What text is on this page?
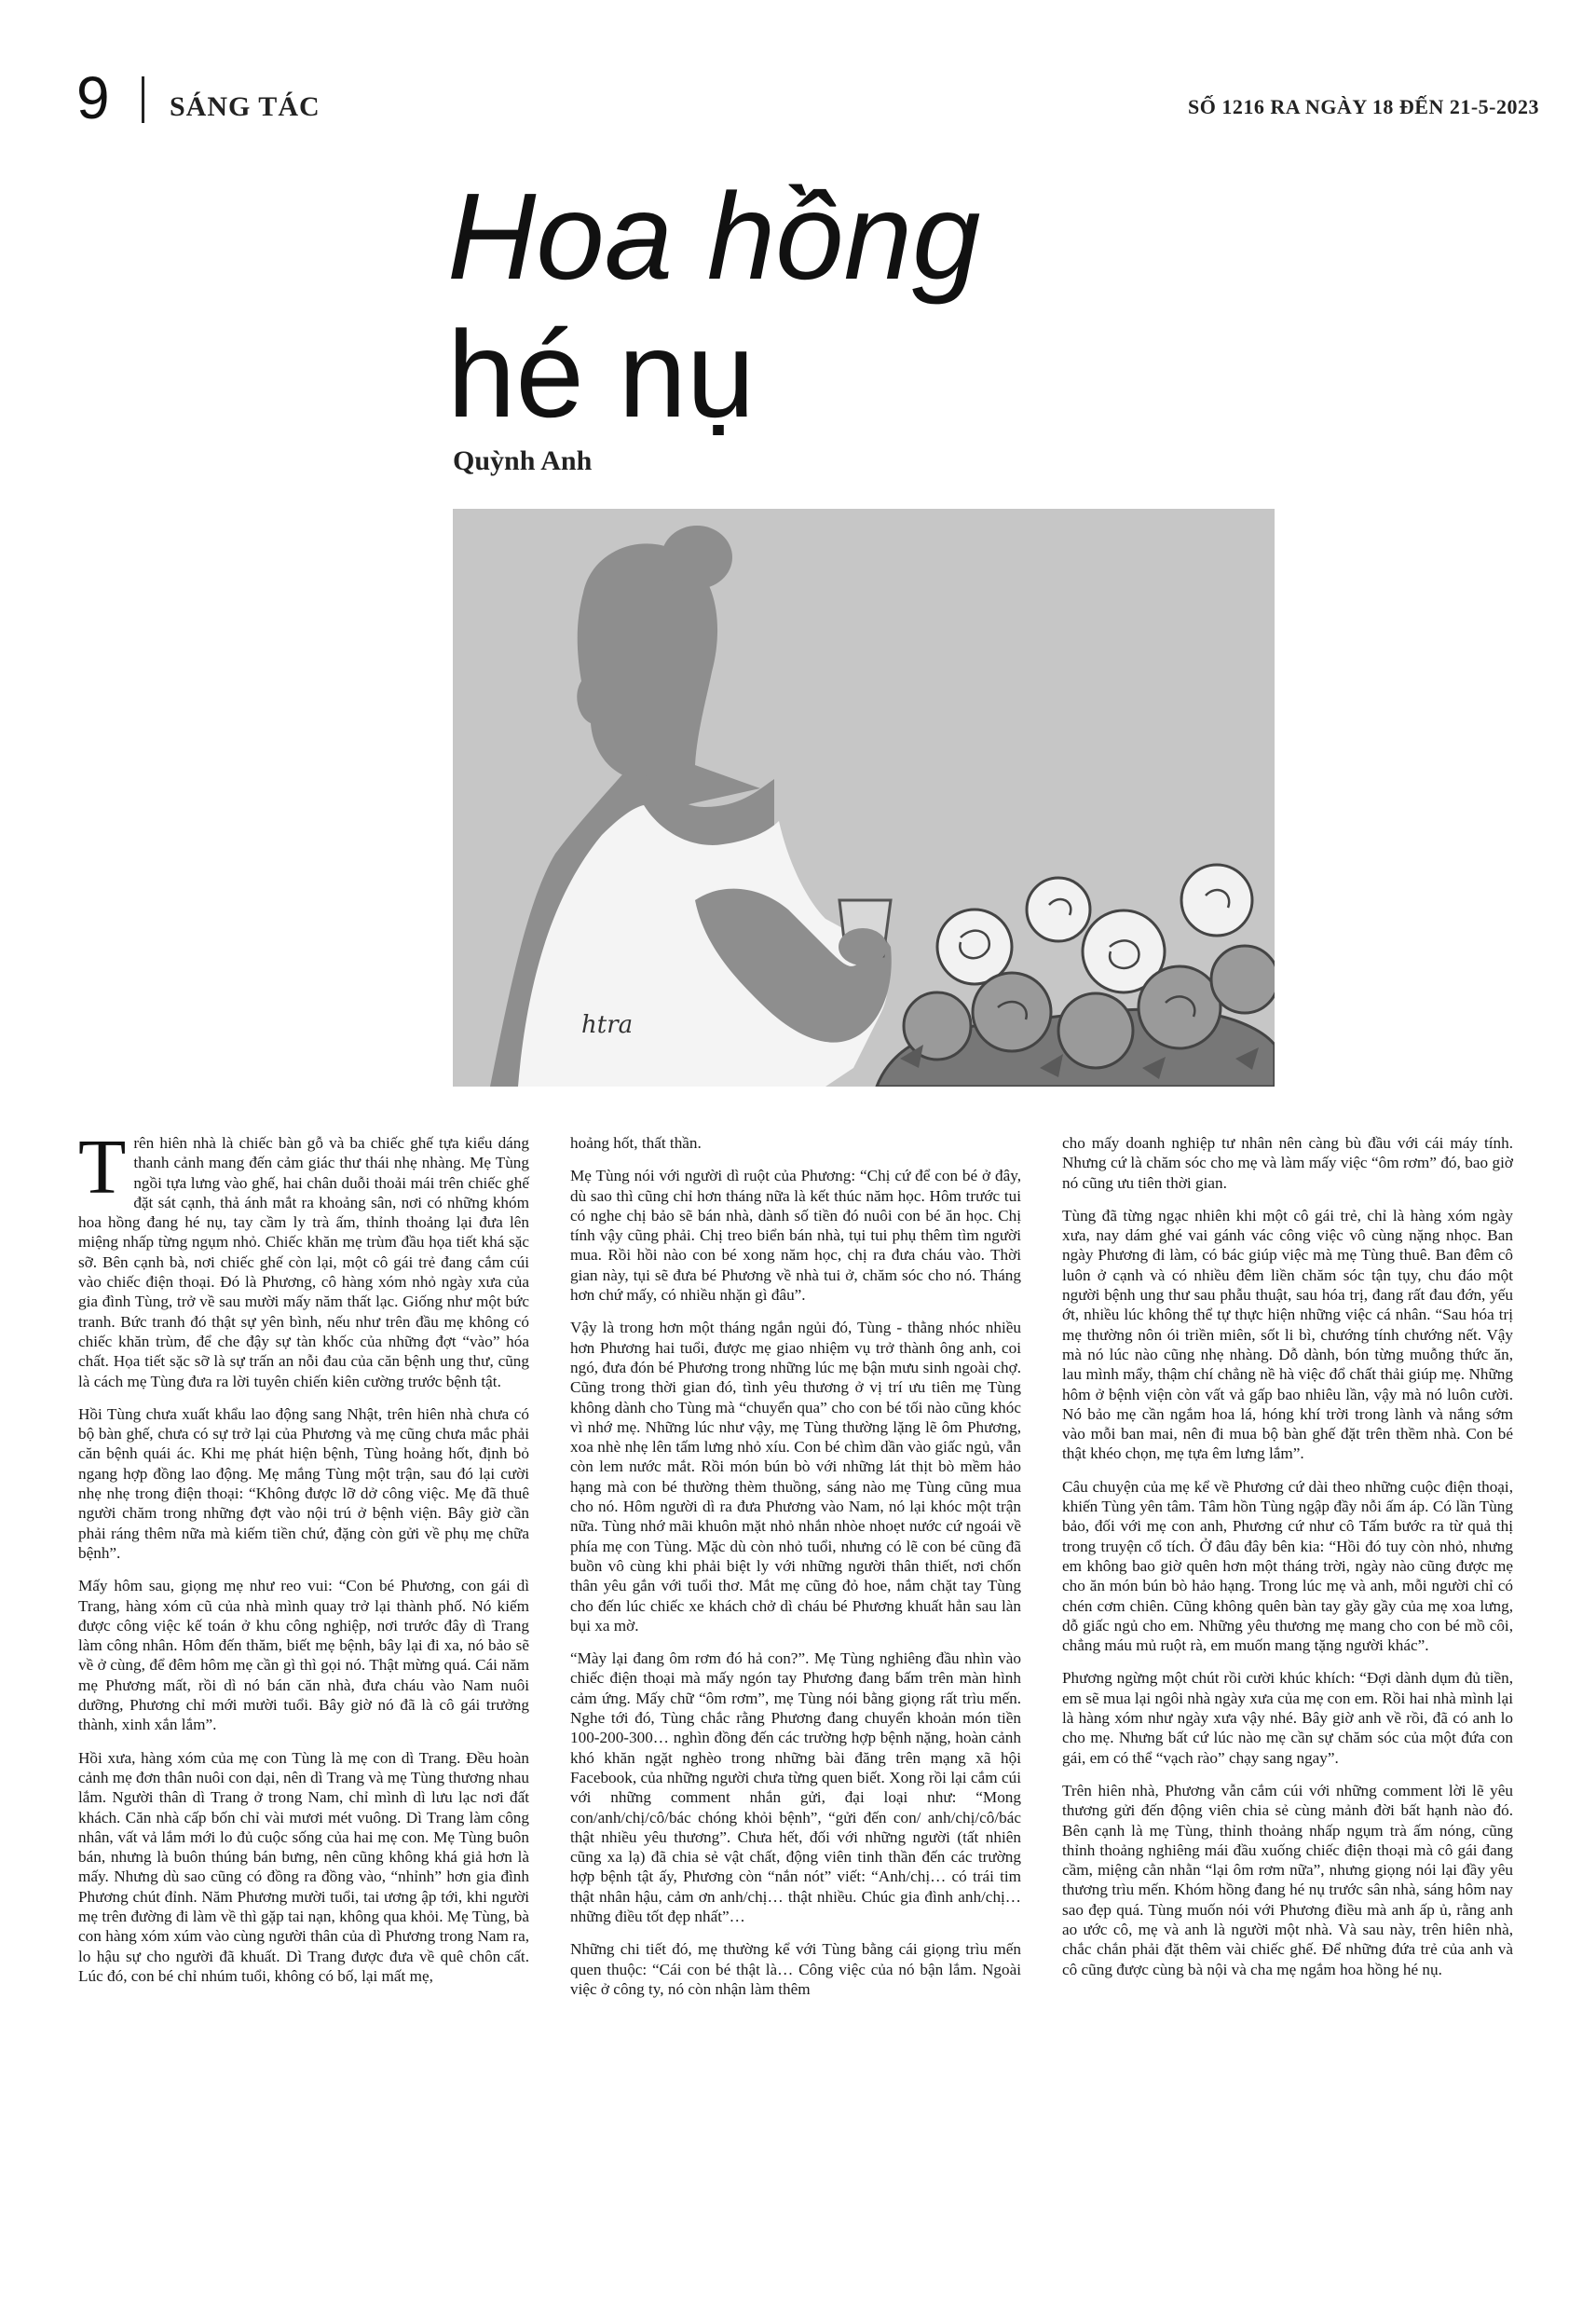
9 SÁNG TÁC	SỐ 1216 RA NGÀY 18 ĐẾN 21-5-2023
Hoa hồng
hé nụ
Quỳnh Anh
htra

Trên hiên nhà là chiếc bàn gỗ và ba chiếc ghế tựa kiểu dáng thanh cảnh mang đến cảm giác thư thái nhẹ nhàng. Mẹ Tùng ngồi tựa lưng vào ghế, hai chân duỗi thoải mái trên chiếc ghế đặt sát cạnh, thả ánh mắt ra khoảng sân, nơi có những khóm hoa hồng đang hé nụ, tay cầm ly trà ấm, thỉnh thoảng lại đưa lên miệng nhấp từng ngụm nhỏ. Chiếc khăn mẹ trùm đầu họa tiết khá sặc sỡ. Bên cạnh bà, nơi chiếc ghế còn lại, một cô gái trẻ đang cắm cúi vào chiếc điện thoại. Đó là Phương, cô hàng xóm nhỏ ngày xưa của gia đình Tùng, trở về sau mười mấy năm thất lạc. Giống như một bức tranh. Bức tranh đó thật sự yên bình, nếu như trên đầu mẹ không có chiếc khăn trùm, để che đậy sự tàn khốc của những đợt “vào” hóa chất. Họa tiết sặc sỡ là sự trấn an nỗi đau của căn bệnh ung thư, cũng là cách mẹ Tùng đưa ra lời tuyên chiến kiên cường trước bệnh tật.

Hồi Tùng chưa xuất khẩu lao động sang Nhật, trên hiên nhà chưa có bộ bàn ghế, chưa có sự trở lại của Phương và mẹ cũng chưa mắc phải căn bệnh quái ác. Khi mẹ phát hiện bệnh, Tùng hoảng hốt, định bỏ ngang hợp đồng lao động. Mẹ mắng Tùng một trận, sau đó lại cười nhẹ nhẹ trong điện thoại: “Không được lỡ dở công việc. Mẹ đã thuê người chăm trong những đợt vào nội trú ở bệnh viện. Bây giờ cần phải ráng thêm nữa mà kiếm tiền chứ, đặng còn gửi về phụ mẹ chữa bệnh”.

Mấy hôm sau, giọng mẹ như reo vui: “Con bé Phương, con gái dì Trang, hàng xóm cũ của nhà mình quay trở lại thành phố. Nó kiếm được công việc kế toán ở khu công nghiệp, nơi trước đây dì Trang làm công nhân. Hôm đến thăm, biết mẹ bệnh, bây lại đi xa, nó bảo sẽ về ở cùng, để đêm hôm mẹ cần gì thì gọi nó. Thật mừng quá. Cái năm mẹ Phương mất, rồi dì nó bán căn nhà, đưa cháu vào Nam nuôi dưỡng, Phương chỉ mới mười tuổi. Bây giờ nó đã là cô gái trưởng thành, xinh xắn lắm”.

Hồi xưa, hàng xóm của mẹ con Tùng là mẹ con dì Trang. Đều hoàn cảnh mẹ đơn thân nuôi con dại, nên dì Trang và mẹ Tùng thương nhau lắm. Người thân dì Trang ở trong Nam, chỉ mình dì lưu lạc nơi đất khách. Căn nhà cấp bốn chỉ vài mươi mét vuông. Dì Trang làm công nhân, vất vả lắm mới lo đủ cuộc sống của hai mẹ con. Mẹ Tùng buôn bán, nhưng là buôn thúng bán bưng, nên cũng không khá giả hơn là mấy. Nhưng dù sao cũng có đồng ra đồng vào, “nhỉnh” hơn gia đình Phương chút đỉnh. Năm Phương mười tuổi, tai ương ập tới, khi người mẹ trên đường đi làm về thì gặp tai nạn, không qua khỏi. Mẹ Tùng, bà con hàng xóm xúm vào cùng người thân của dì Phương trong Nam ra, lo hậu sự cho người đã khuất. Dì Trang được đưa về quê chôn cất. Lúc đó, con bé chỉ nhúm tuổi, không có bố, lại mất mẹ,

hoảng hốt, thất thần.

Mẹ Tùng nói với người dì ruột của Phương: “Chị cứ để con bé ở đây, dù sao thì cũng chỉ hơn tháng nữa là kết thúc năm học. Hôm trước tui có nghe chị bảo sẽ bán nhà, dành số tiền đó nuôi con bé ăn học. Chị tính vậy cũng phải. Chị treo biển bán nhà, tụi tui phụ thêm tìm người mua. Rồi hồi nào con bé xong năm học, chị ra đưa cháu vào. Thời gian này, tụi sẽ đưa bé Phương về nhà tui ở, chăm sóc cho nó. Tháng hơn chứ mấy, có nhiều nhặn gì đâu”.

Vậy là trong hơn một tháng ngắn ngủi đó, Tùng - thằng nhóc nhiều hơn Phương hai tuổi, được mẹ giao nhiệm vụ trở thành ông anh, coi ngó, đưa đón bé Phương trong những lúc mẹ bận mưu sinh ngoài chợ. Cũng trong thời gian đó, tình yêu thương ở vị trí ưu tiên mẹ Tùng không dành cho Tùng mà “chuyển qua” cho con bé tối nào cũng khóc vì nhớ mẹ. Những lúc như vậy, mẹ Tùng thường lặng lẽ ôm Phương, xoa nhè nhẹ lên tấm lưng nhỏ xíu. Con bé chìm dần vào giấc ngủ, vẫn còn lem nước mắt. Rồi món bún bò với những lát thịt bò mềm hảo hạng mà con bé thường thèm thuồng, sáng nào mẹ Tùng cũng mua cho nó. Hôm người dì ra đưa Phương vào Nam, nó lại khóc một trận nữa. Tùng nhớ mãi khuôn mặt nhỏ nhắn nhòe nhoẹt nước cứ ngoái về phía mẹ con Tùng. Mặc dù còn nhỏ tuổi, nhưng có lẽ con bé cũng đã buồn vô cùng khi phải biệt ly với những người thân thiết, nơi chốn thân yêu gắn với tuổi thơ. Mắt mẹ cũng đỏ hoe, nắm chặt tay Tùng cho đến lúc chiếc xe khách chở dì cháu bé Phương khuất hẳn sau làn bụi xa mờ.

“Mày lại đang ôm rơm đó hả con?”. Mẹ Tùng nghiêng đầu nhìn vào chiếc điện thoại mà mấy ngón tay Phương đang bấm trên màn hình cảm ứng. Mấy chữ “ôm rơm”, mẹ Tùng nói bằng giọng rất trìu mến. Nghe tới đó, Tùng chắc rằng Phương đang chuyển khoản món tiền 100-200-300… nghìn đồng đến các trường hợp bệnh nặng, hoàn cảnh khó khăn ngặt nghèo trong những bài đăng trên mạng xã hội Facebook, của những người chưa từng quen biết. Xong rồi lại cắm cúi với những comment nhắn gửi, đại loại như: “Mong con/anh/chị/cô/bác chóng khỏi bệnh”, “gửi đến con/ anh/chị/cô/bác thật nhiều yêu thương”. Chưa hết, đối với những người (tất nhiên cũng xa lạ) đã chia sẻ vật chất, động viên tinh thần đến các trường hợp bệnh tật ấy, Phương còn “nắn nót” viết: “Anh/chị… có trái tim thật nhân hậu, cảm ơn anh/chị… thật nhiều. Chúc gia đình anh/chị… những điều tốt đẹp nhất”…

Những chi tiết đó, mẹ thường kể với Tùng bằng cái giọng trìu mến quen thuộc: “Cái con bé thật là… Công việc của nó bận lắm. Ngoài việc ở công ty, nó còn nhận làm thêm

cho mấy doanh nghiệp tư nhân nên càng bù đầu với cái máy tính. Nhưng cứ là chăm sóc cho mẹ và làm mấy việc “ôm rơm” đó, bao giờ nó cũng ưu tiên thời gian.

Tùng đã từng ngạc nhiên khi một cô gái trẻ, chỉ là hàng xóm ngày xưa, nay dám ghé vai gánh vác công việc vô cùng nặng nhọc. Ban ngày Phương đi làm, có bác giúp việc mà mẹ Tùng thuê. Ban đêm cô luôn ở cạnh và có nhiều đêm liền chăm sóc tận tụy, chu đáo một người bệnh ung thư sau phẫu thuật, sau hóa trị, đang rất đau đớn, yếu ớt, nhiều lúc không thể tự thực hiện những việc cá nhân. “Sau hóa trị mẹ thường nôn ói triền miên, sốt li bì, chướng tính chướng nết. Vậy mà nó lúc nào cũng nhẹ nhàng. Dỗ dành, bón từng muỗng thức ăn, lau mình mẩy, thậm chí chẳng nề hà việc đổ chất thải giúp mẹ. Những hôm ở bệnh viện còn vất vả gấp bao nhiêu lần, vậy mà nó luôn cười. Nó bảo mẹ cần ngắm hoa lá, hóng khí trời trong lành và nắng sớm vào mỗi ban mai, nên đi mua bộ bàn ghế đặt trên thềm nhà. Con bé thật khéo chọn, mẹ tựa êm lưng lắm”.

Câu chuyện của mẹ kể về Phương cứ dài theo những cuộc điện thoại, khiến Tùng yên tâm. Tâm hồn Tùng ngập đầy nỗi ấm áp. Có lần Tùng bảo, đối với mẹ con anh, Phương cứ như cô Tấm bước ra từ quả thị trong truyện cổ tích. Ở đâu đây bên kia: “Hồi đó tuy còn nhỏ, nhưng em không bao giờ quên hơn một tháng trời, ngày nào cũng được mẹ cho ăn món bún bò hảo hạng. Trong lúc mẹ và anh, mỗi người chỉ có chén cơm chiên. Cũng không quên bàn tay gầy gầy của mẹ xoa lưng, dỗ giấc ngủ cho em. Những yêu thương mẹ mang cho con bé mồ côi, chẳng máu mủ ruột rà, em muốn mang tặng người khác”.

Phương ngừng một chút rồi cười khúc khích: “Đợi dành dụm đủ tiền, em sẽ mua lại ngôi nhà ngày xưa của mẹ con em. Rồi hai nhà mình lại là hàng xóm như ngày xưa vậy nhé. Bây giờ anh về rồi, đã có anh lo cho mẹ. Nhưng bất cứ lúc nào mẹ cần sự chăm sóc của một đứa con gái, em có thể “vạch rào” chạy sang ngay”.

Trên hiên nhà, Phương vẫn cắm cúi với những comment lời lẽ yêu thương gửi đến động viên chia sẻ cùng mảnh đời bất hạnh nào đó. Bên cạnh là mẹ Tùng, thỉnh thoảng nhấp ngụm trà ấm nóng, cũng thỉnh thoảng nghiêng mái đầu xuống chiếc điện thoại mà cô gái đang cầm, miệng cằn nhằn “lại ôm rơm nữa”, nhưng giọng nói lại đầy yêu thương trìu mến. Khóm hồng đang hé nụ trước sân nhà, sáng hôm nay sao đẹp quá. Tùng muốn nói với Phương điều mà anh ấp ủ, rằng anh ao ước cô, mẹ và anh là người một nhà. Và sau này, trên hiên nhà, chắc chắn phải đặt thêm vài chiếc ghế. Để những đứa trẻ của anh và cô cũng được cùng bà nội và cha mẹ ngắm hoa hồng hé nụ.
